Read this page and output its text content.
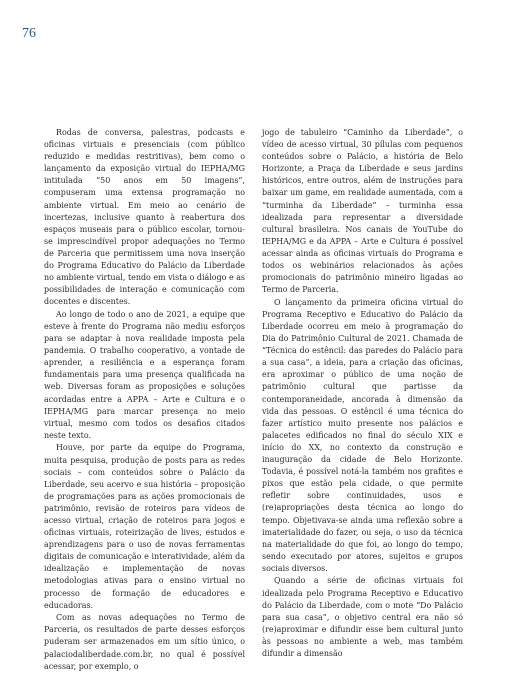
76

Rodas de conversa, palestras, podcasts e oficinas virtuais e presenciais (com público reduzido e medidas restritivas), bem como o lançamento da exposição virtual do IEPHA/MG intitulada “50 anos em 50 imagens”, compuseram uma extensa programação no ambiente virtual. Em meio ao cenário de incertezas, inclusive quanto à reabertura dos espaços museais para o público escolar, tornou-se imprescindível propor adequações no Termo de Parceria que permitissem uma nova inserção do Programa Educativo do Palácio da Liberdade no ambiente virtual, tendo em vista o diálogo e as possibilidades de interação e comunicação com docentes e discentes.

Ao longo de todo o ano de 2021, a equipe que esteve à frente do Programa não mediu esforços para se adaptar à nova realidade imposta pela pandemia. O trabalho cooperativo, a vontade de aprender, a resiliência e a esperança foram fundamentais para uma presença qualificada na web. Diversas foram as proposições e soluções acordadas entre a APPA – Arte e Cultura e o IEPHA/MG para marcar presença no meio virtual, mesmo com todos os desafios citados neste texto.

Houve, por parte da equipe do Programa, muita pesquisa, produção de posts para as redes sociais – com conteúdos sobre o Palácio da Liberdade, seu acervo e sua história – proposição de programações para as ações promocionais de patrimônio, revisão de roteiros para vídeos de acesso virtual, criação de roteiros para jogos e oficinas virtuais, roteirização de lives, estudos e aprendizagens para o uso de novas ferramentas digitais de comunicação e interatividade, além da idealização e implementação de novas metodologias ativas para o ensino virtual no processo de formação de educadores e educadoras.

Com as novas adequações no Termo de Parceria, os resultados de parte desses esforços puderam ser armazenados em um sítio único, o palaciodaliberdade.com.br, no qual é possível acessar, por exemplo, o

jogo de tabuleiro “Caminho da Liberdade”, o vídeo de acesso virtual, 30 pílulas com pequenos conteúdos sobre o Palácio, a história de Belo Horizonte, a Praça da Liberdade e seus jardins históricos, entre outros, além de instruções para baixar um game, em realidade aumentada, com a “turminha da Liberdade” – turminha essa idealizada para representar a diversidade cultural brasileira. Nos canais de YouTube do IEPHA/MG e da APPA – Arte e Cultura é possível acessar ainda as oficinas virtuais do Programa e todos os webinários relacionados às ações promocionais do patrimônio mineiro ligadas ao Termo de Parceria.

O lançamento da primeira oficina virtual do Programa Receptivo e Educativo do Palácio da Liberdade ocorreu em meio à programação do Dia do Patrimônio Cultural de 2021. Chamada de “Técnica do estêncil: das paredes do Palácio para a sua casa”, a ideia, para a criação das oficinas, era aproximar o público de uma noção de patrimônio cultural que partisse da contemporaneidade, ancorada à dimensão da vida das pessoas. O estêncil é uma técnica do fazer artístico muito presente nos palácios e palacetes edificados no final do século XIX e início do XX, no contexto da construção e inauguração da cidade de Belo Horizonte. Todavia, é possível notá-la também nos grafites e pixos que estão pela cidade, o que permite refletir sobre continuidades, usos e (re)apropriações desta técnica ao longo do tempo. Objetivava-se ainda uma reflexão sobre a imaterialidade do fazer, ou seja, o uso da técnica na materialidade do que foi, ao longo do tempo, sendo executado por atores, sujeitos e grupos sociais diversos.

Quando a série de oficinas virtuais foi idealizada pelo Programa Receptivo e Educativo do Palácio da Liberdade, com o mote “Do Palácio para sua casa”, o objetivo central era não só (re)aproximar e difundir esse bem cultural junto às pessoas no ambiente a web, mas também difundir a dimensão
